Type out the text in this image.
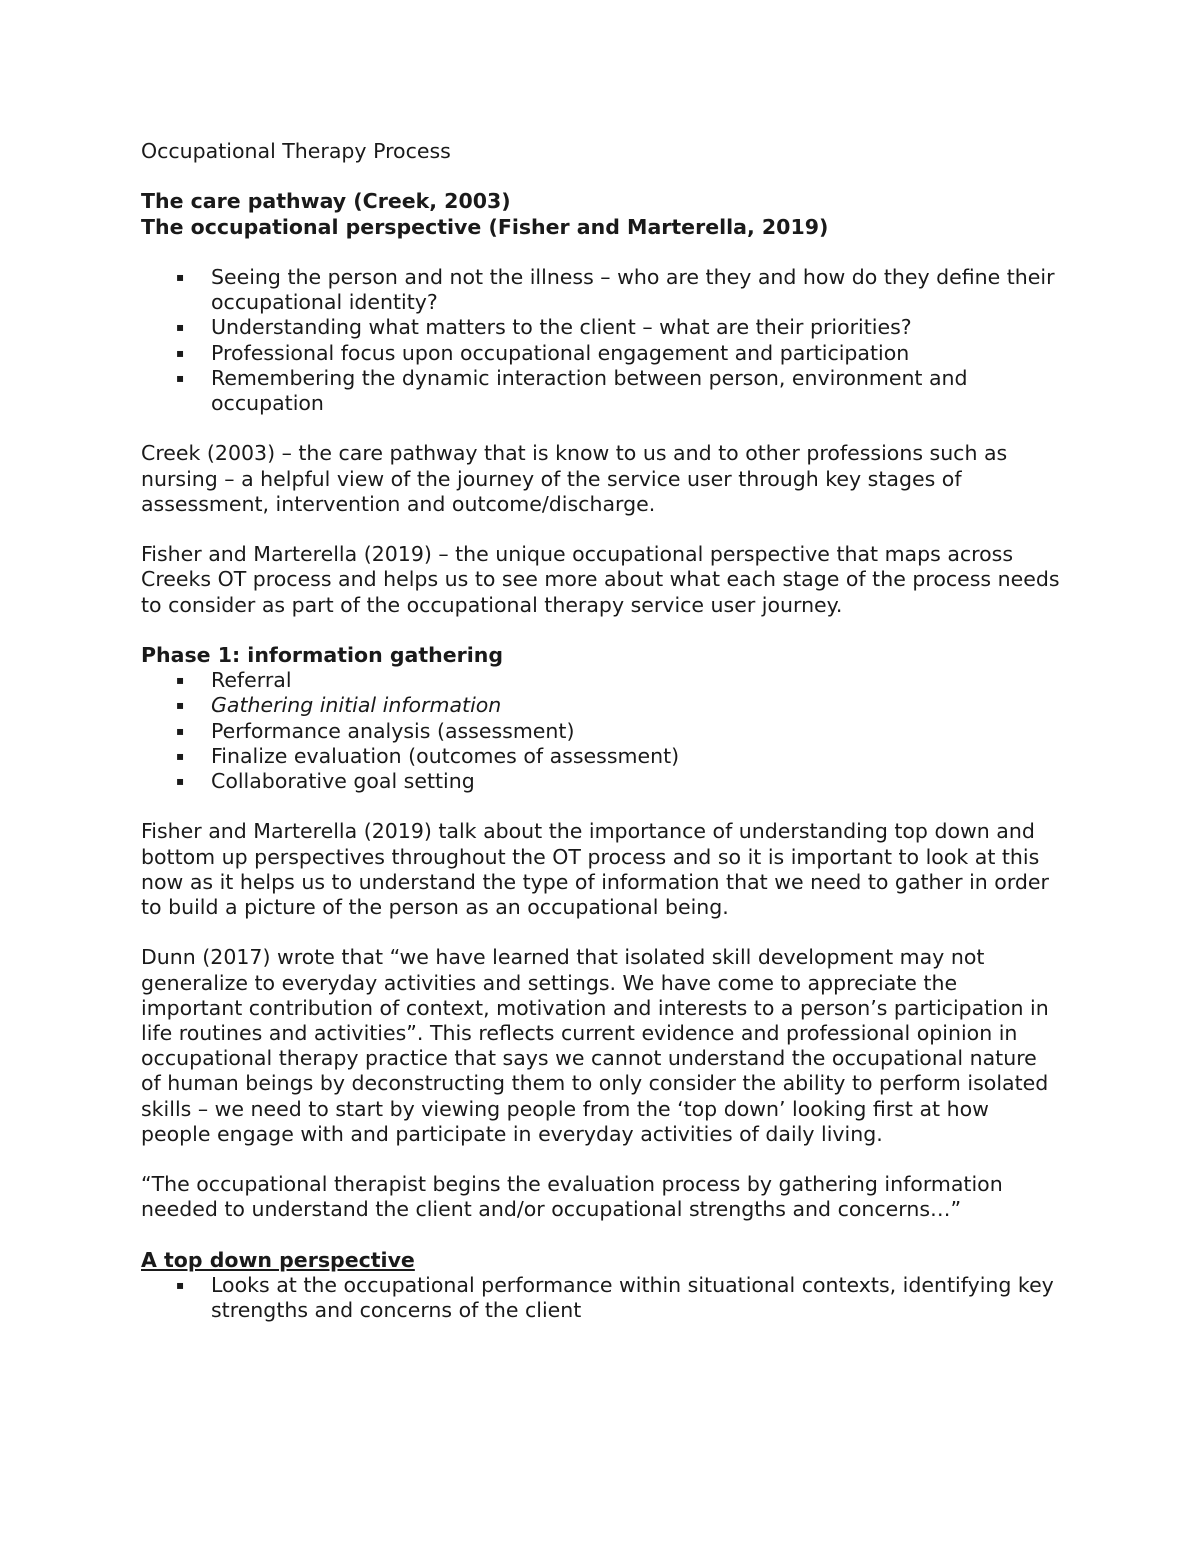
Occupational Therapy Process
The care pathway (Creek, 2003)
The occupational perspective (Fisher and Marterella, 2019)
▪ Seeing the person and not the illness – who are they and how do they define their occupational identity?
▪ Understanding what matters to the client – what are their priorities?
▪ Professional focus upon occupational engagement and participation
▪ Remembering the dynamic interaction between person, environment and occupation

Creek (2003) – the care pathway that is know to us and to other professions such as nursing – a helpful view of the journey of the service user through key stages of assessment, intervention and outcome/discharge.

Fisher and Marterella (2019) – the unique occupational perspective that maps across Creeks OT process and helps us to see more about what each stage of the process needs to consider as part of the occupational therapy service user journey.

Phase 1: information gathering
▪ Referral
▪ Gathering initial information
▪ Performance analysis (assessment)
▪ Finalize evaluation (outcomes of assessment)
▪ Collaborative goal setting

Fisher and Marterella (2019) talk about the importance of understanding top down and bottom up perspectives throughout the OT process and so it is important to look at this now as it helps us to understand the type of information that we need to gather in order to build a picture of the person as an occupational being.

Dunn (2017) wrote that “we have learned that isolated skill development may not generalize to everyday activities and settings. We have come to appreciate the important contribution of context, motivation and interests to a person’s participation in life routines and activities”. This reflects current evidence and professional opinion in occupational therapy practice that says we cannot understand the occupational nature of human beings by deconstructing them to only consider the ability to perform isolated skills – we need to start by viewing people from the ‘top down’ looking first at how people engage with and participate in everyday activities of daily living.

“The occupational therapist begins the evaluation process by gathering information needed to understand the client and/or occupational strengths and concerns…”

A top down perspective
▪ Looks at the occupational performance within situational contexts, identifying key strengths and concerns of the client
